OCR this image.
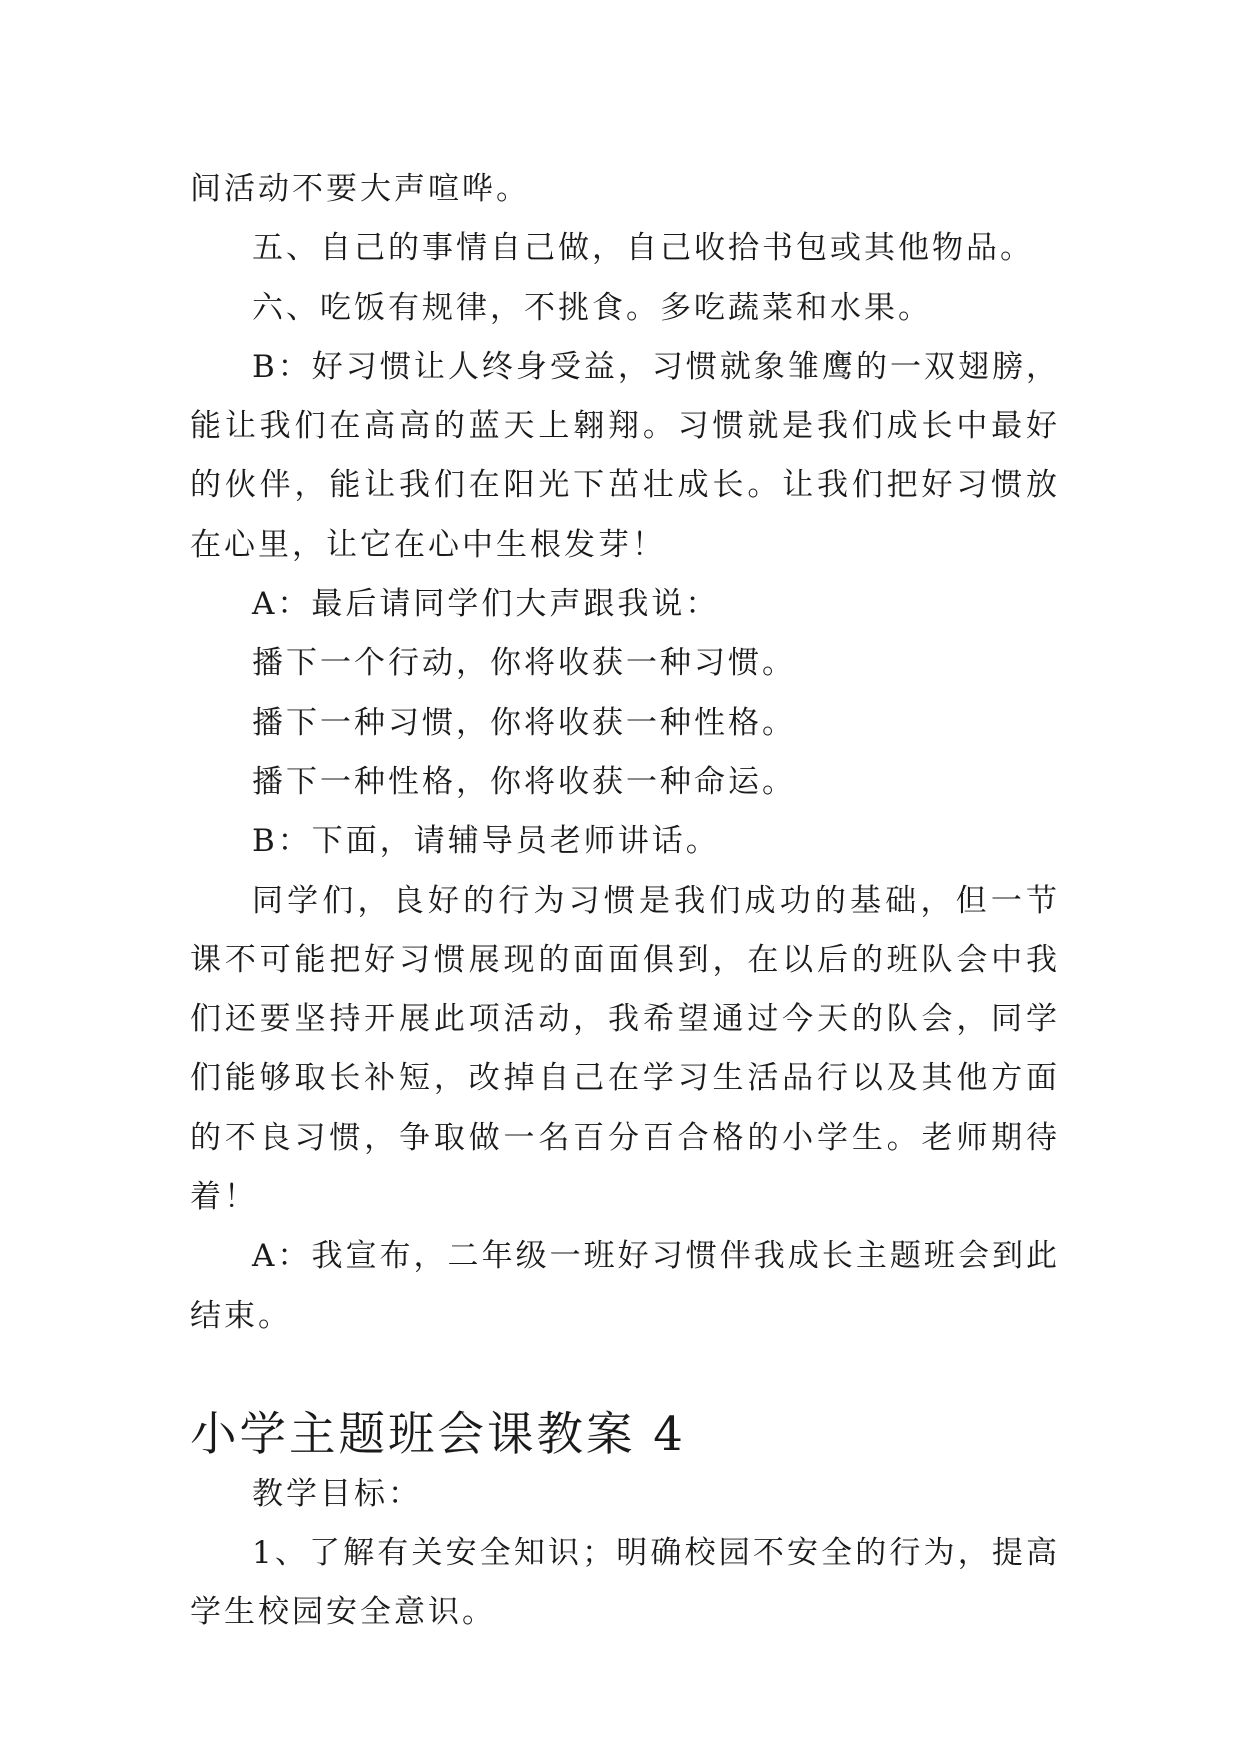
间活动不要大声喧哗。

五、自己的事情自己做，自己收拾书包或其他物品。

六、吃饭有规律，不挑食。多吃蔬菜和水果。

B：好习惯让人终身受益，习惯就象雏鹰的一双翅膀，能让我们在高高的蓝天上翱翔。习惯就是我们成长中最好的伙伴，能让我们在阳光下茁壮成长。让我们把好习惯放在心里，让它在心中生根发芽！

A：最后请同学们大声跟我说：

播下一个行动，你将收获一种习惯。

播下一种习惯，你将收获一种性格。

播下一种性格，你将收获一种命运。

B：下面，请辅导员老师讲话。

同学们，良好的行为习惯是我们成功的基础，但一节课不可能把好习惯展现的面面俱到，在以后的班队会中我们还要坚持开展此项活动，我希望通过今天的队会，同学们能够取长补短，改掉自己在学习生活品行以及其他方面的不良习惯，争取做一名百分百合格的小学生。老师期待着！

A：我宣布，二年级一班好习惯伴我成长主题班会到此结束。

小学主题班会课教案 4

教学目标：

1、了解有关安全知识；明确校园不安全的行为，提高学生校园安全意识。
